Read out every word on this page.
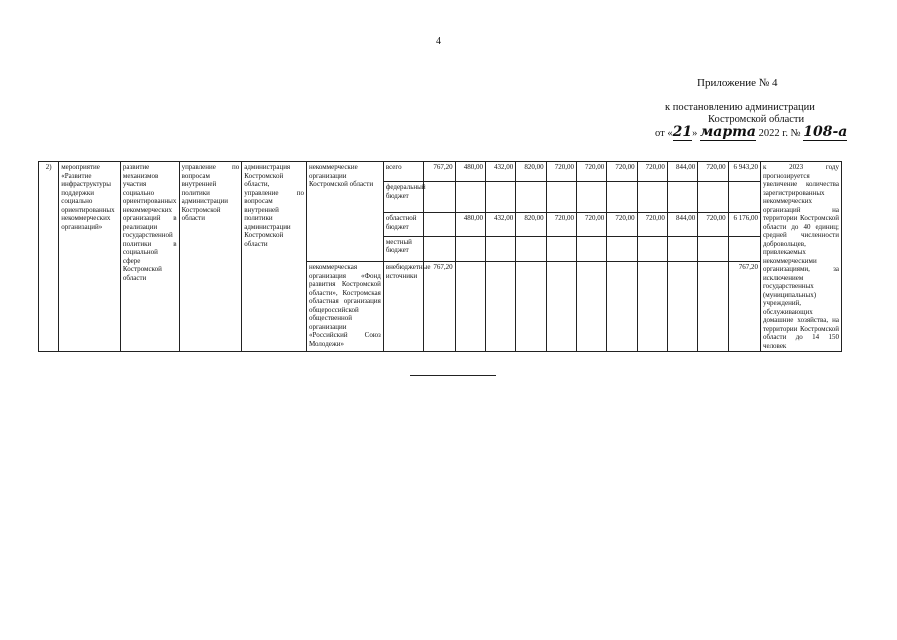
4
Приложение № 4
к постановлению администрации
Костромской области
от «21» марта 2022 г. № 108-а
2)	мероприятие «Развитие инфраструктуры поддержки социально ориентированных некоммерческих организаций»	развитие механизмов участия социально ориентированных некоммерческих организаций в реализации государственной политики в социальной сфере Костромской области	управление по вопросам внутренней политики администрации Костромской области	администрация Костромской области, управление по вопросам внутренней политики администрации Костромской области	некоммерческие организации Костромской области	всего	767,20	480,00	432,00	820,00	720,00	720,00	720,00	720,00	844,00	720,00	6 943,20	к 2023 году прогнозируется увеличение количества зарегистрированных некоммерческих организаций на территории Костромской области до 40 единиц; средней численности добровольцев, привлекаемых некоммерческими организациями, за исключением государственных (муниципальных) учреждений, обслуживающих домашние хозяйства, на территории Костромской области до 14 150 человек
						федеральный бюджет												
						областной бюджет		480,00	432,00	820,00	720,00	720,00	720,00	720,00	844,00	720,00	6 176,00	
						местный бюджет												
					некоммерческая организация «Фонд развития Костромской области», Костромская областная организация общероссийской общественной организации «Российский Союз Молодежи»	внебюджетные источники	767,20										767,20	
